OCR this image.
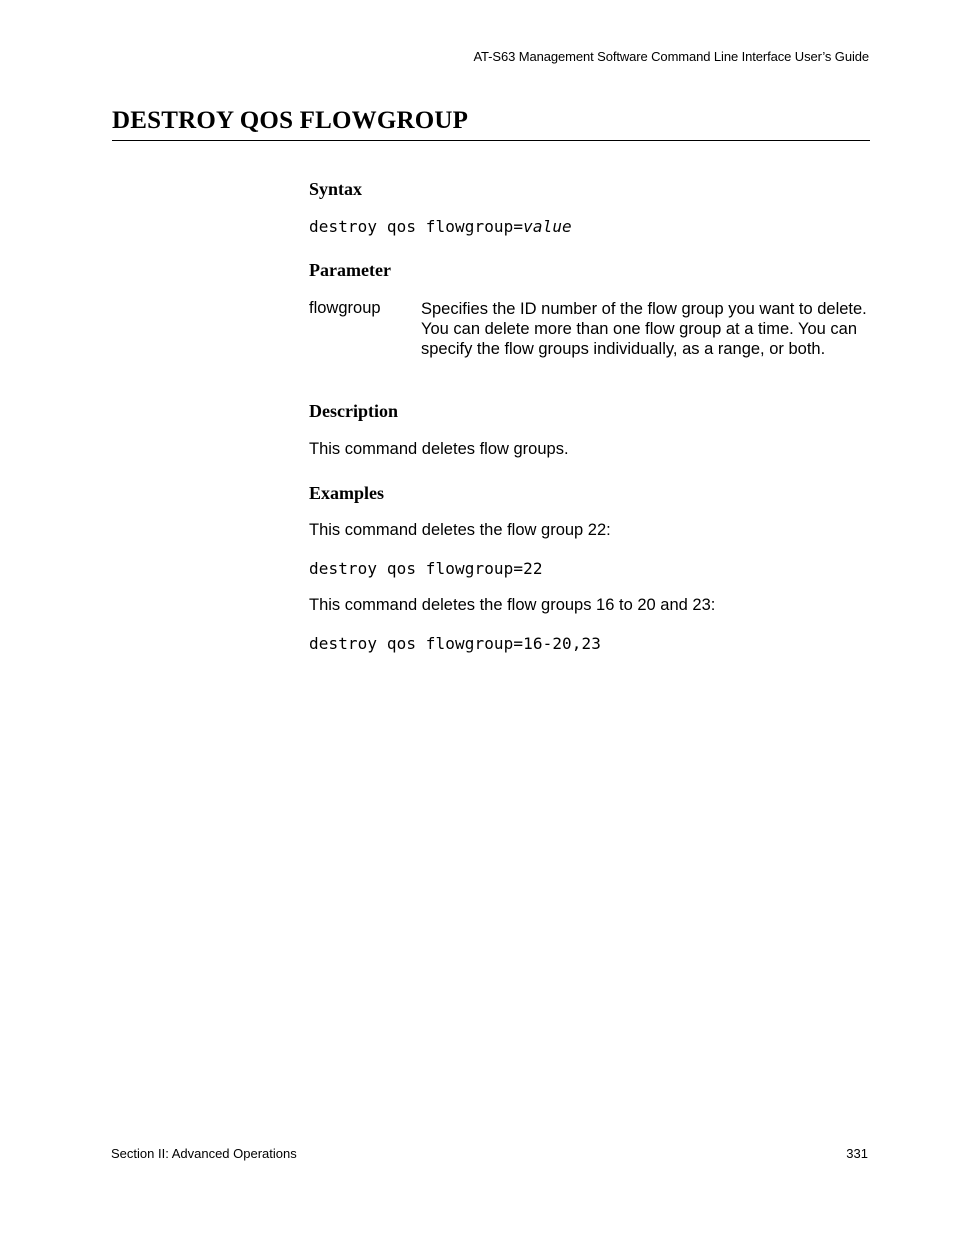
AT-S63 Management Software Command Line Interface User’s Guide
DESTROY QOS FLOWGROUP
Syntax

destroy qos flowgroup=value

Parameter
flowgroup Specifies the ID number of the flow group you want to delete. You can delete more than one flow group at a time. You can specify the flow groups individually, as a range, or both.
Description

This command deletes flow groups.

Examples

This command deletes the flow group 22:

destroy qos flowgroup=22

This command deletes the flow groups 16 to 20 and 23:

destroy qos flowgroup=16-20,23

Section II: Advanced Operations	331
